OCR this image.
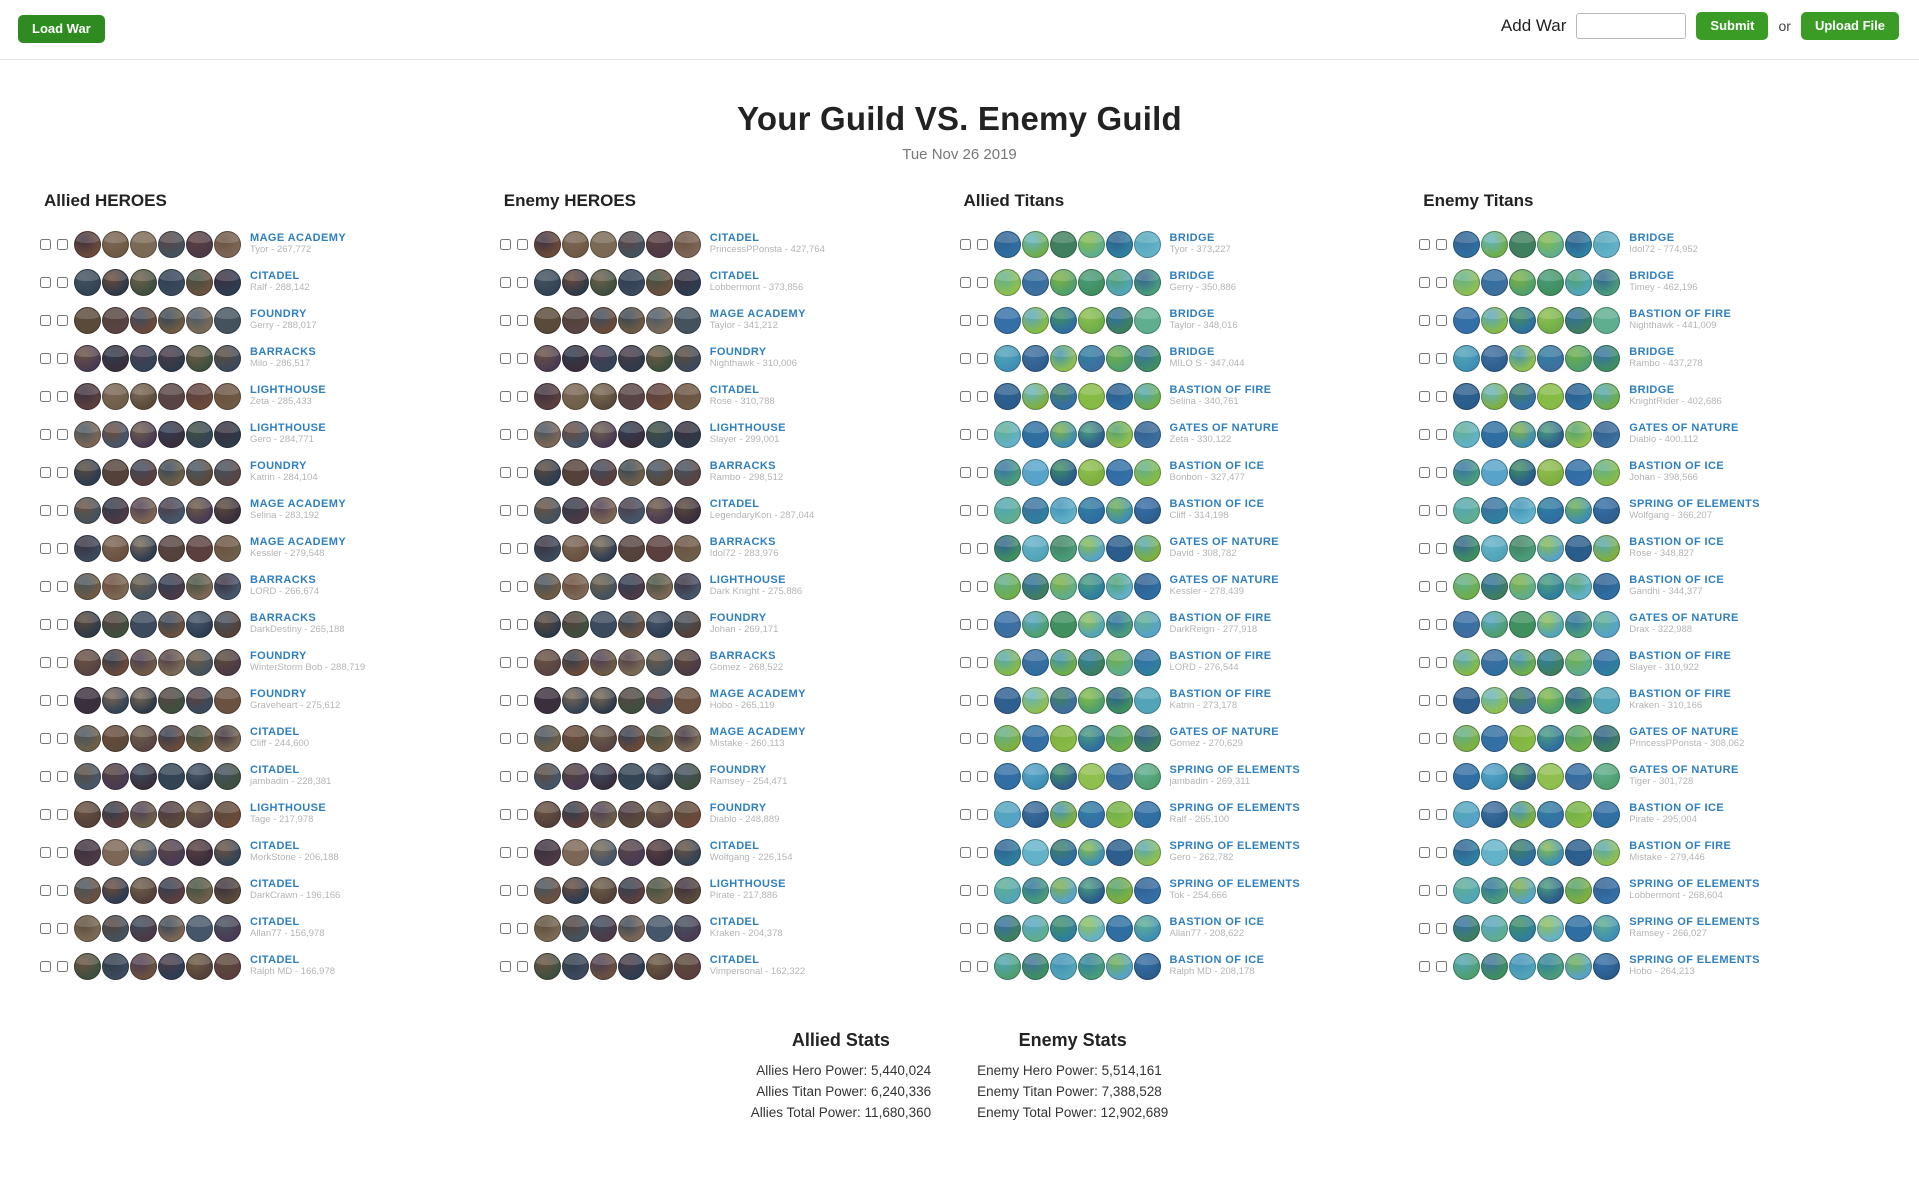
Load War	Add War	Submit	or	Upload File
Your Guild VS. Enemy Guild
Tue Nov 26 2019
Allied HEROES
MAGE ACADEMY
Tyor - 267,772
CITADEL
Ralf - 288,142
FOUNDRY
Gerry - 288,017
BARRACKS
Milo - 286,517
LIGHTHOUSE
Zeta - 285,433
LIGHTHOUSE
Gero - 284,771
FOUNDRY
Katrin - 284,104
MAGE ACADEMY
Selina - 283,192
MAGE ACADEMY
Kessler - 279,548
BARRACKS
LORD - 266,674
BARRACKS
DarkDestiny - 265,188
FOUNDRY
WinterStorm Bob - 288,719
FOUNDRY
Graveheart - 275,612
CITADEL
Cliff - 244,600
CITADEL
jambadin - 228,381
LIGHTHOUSE
Tage - 217,978
CITADEL
MorkStone - 206,188
CITADEL
DarkCrawn - 196,166
CITADEL
Allan77 - 156,978
CITADEL
Ralph MD - 166,978
Enemy HEROES
CITADEL
PrincessPPonsta - 427,764
CITADEL
Lobbermont - 373,856
MAGE ACADEMY
Taylor - 341,212
FOUNDRY
Nighthawk - 310,006
CITADEL
Rose - 310,788
LIGHTHOUSE
Slayer - 299,001
BARRACKS
Rambo - 298,512
CITADEL
LegendaryKon - 287,044
BARRACKS
Idol72 - 283,976
LIGHTHOUSE
Dark Knight - 275,886
FOUNDRY
Johan - 269,171
BARRACKS
Gomez - 268,522
MAGE ACADEMY
Hobo - 265,119
MAGE ACADEMY
Mistake - 260,113
FOUNDRY
Ramsey - 254,471
FOUNDRY
Diablo - 248,889
CITADEL
Wolfgang - 226,154
LIGHTHOUSE
Pirate - 217,886
CITADEL
Kraken - 204,378
CITADEL
Vimpersonal - 162,322
Allied Titans
BRIDGE
Tyor - 373,227
BRIDGE
Gerry - 350,886
BRIDGE
Taylor - 348,016
BRIDGE
MILO S - 347,044
BASTION OF FIRE
Selina - 340,761
GATES OF NATURE
Zeta - 330,122
BASTION OF ICE
Bonbon - 327,477
BASTION OF ICE
Cliff - 314,198
GATES OF NATURE
David - 308,782
GATES OF NATURE
Kessler - 278,439
BASTION OF FIRE
DarkReign - 277,918
BASTION OF FIRE
LORD - 276,544
BASTION OF FIRE
Katrin - 273,178
GATES OF NATURE
Gomez - 270,629
SPRING OF ELEMENTS
jambadin - 269,311
SPRING OF ELEMENTS
Ralf - 265,100
SPRING OF ELEMENTS
Gero - 262,782
SPRING OF ELEMENTS
Tok - 254,666
BASTION OF ICE
Allan77 - 208,622
BASTION OF ICE
Ralph MD - 208,178
Enemy Titans
BRIDGE
Idol72 - 774,952
BRIDGE
Timey - 462,196
BASTION OF FIRE
Nighthawk - 441,009
BRIDGE
Rambo - 437,278
BRIDGE
KnightRider - 402,686
GATES OF NATURE
Diablo - 400,112
BASTION OF ICE
Johan - 398,566
SPRING OF ELEMENTS
Wolfgang - 366,207
BASTION OF ICE
Rose - 348,827
BASTION OF ICE
Gandhi - 344,377
GATES OF NATURE
Drax - 322,988
BASTION OF FIRE
Slayer - 310,922
BASTION OF FIRE
Kraken - 310,166
GATES OF NATURE
PrincessPPonsta - 308,062
GATES OF NATURE
Tiger - 301,728
BASTION OF ICE
Pirate - 295,004
BASTION OF FIRE
Mistake - 279,446
SPRING OF ELEMENTS
Lobbermont - 268,604
SPRING OF ELEMENTS
Ramsey - 266,027
SPRING OF ELEMENTS
Hobo - 264,213
Allied Stats
Allies Hero Power: 5,440,024
Allies Titan Power: 6,240,336
Allies Total Power: 11,680,360
Enemy Stats
Enemy Hero Power: 5,514,161
Enemy Titan Power: 7,388,528
Enemy Total Power: 12,902,689
